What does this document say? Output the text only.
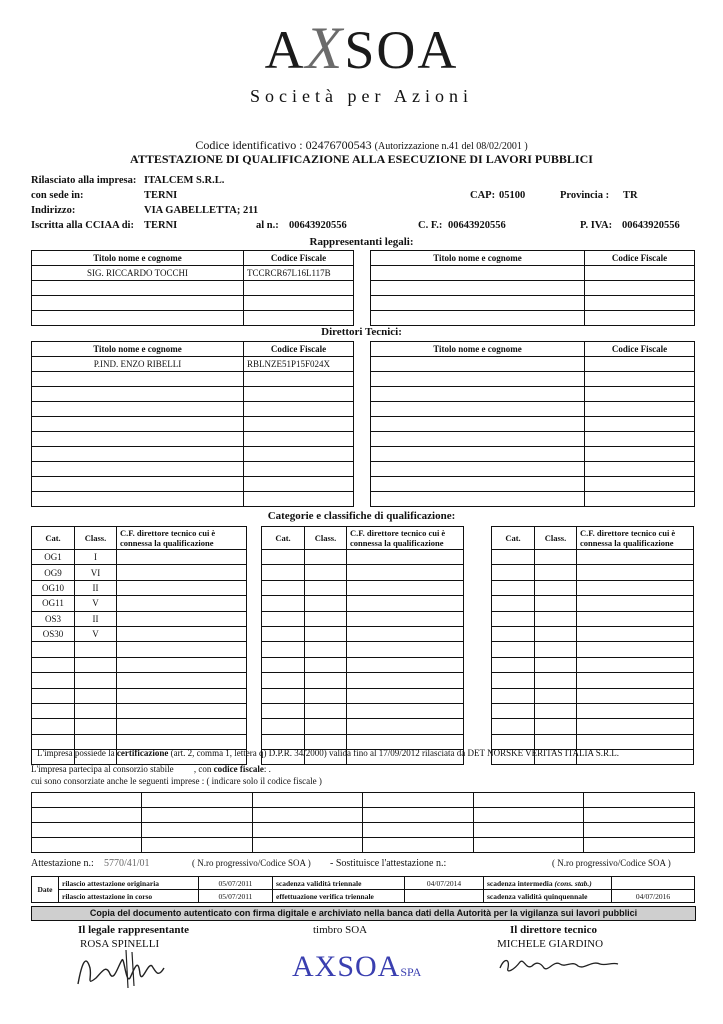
AXSOA
Società per Azioni
Codice identificativo : 02476700543 (Autorizzazione n.41 del 08/02/2001 )
ATTESTAZIONE DI QUALIFICAZIONE ALLA ESECUZIONE DI LAVORI PUBBLICI
Rilasciato alla impresa: ITALCEM S.R.L.
con sede in:	TERNI	CAP: 05100	Provincia : TR
Indirizzo:	VIA GABELLETTA; 211
Iscritta alla CCIAA di: TERNI	al n.: 00643920556	C. F.: 00643920556	P. IVA: 00643920556
Rappresentanti legali:
Titolo nome e cognome	Codice Fiscale
SIG. RICCARDO TOCCHI	TCCRCR67L16L117B

Titolo nome e cognome	Codice Fiscale

Direttori Tecnici:
Titolo nome e cognome	Codice Fiscale
P.IND. ENZO RIBELLI	RBLNZE51P15F024X

Titolo nome e cognome	Codice Fiscale

Categorie e classifiche di qualificazione:
Cat.	Class.	C.F. direttore tecnico cui è connessa la qualificazione
OG1	I	
OG9	VI	
OG10	II	
OG11	V	
OS3	II	
OS30	V	

Cat.	Class.	C.F. direttore tecnico cui è connessa la qualificazione

			Cat.	Class.	C.F. direttore tecnico cui è connessa la qualificazione

L'impresa possiede la certificazione (art. 2, comma 1, lettera q) D.P.R. 34/2000) valida fino al 17/09/2012 rilasciata da DET NORSKE VERITAS ITALIA S.R.L.
L'impresa partecipa al consorzio stabile , con codice fiscale: .
cui sono consorziate anche le seguenti imprese : ( indicare solo il codice fiscale )

Attestazione n.: 5770/41/01	( N.ro progressivo/Codice SOA ) - Sostituisce l'attestazione n.:	( N.ro progressivo/Codice SOA )
Date	rilascio attestazione originaria	05/07/2011	scadenza validità triennale	04/07/2014	scadenza intermedia (cons. stab.)	
	rilascio attestazione in corso	05/07/2011	effettuazione verifica triennale		scadenza validità quinquennale	04/07/2016
Copia del documento autenticato con firma digitale e archiviato nella banca dati della Autorità per la vigilanza sui lavori pubblici
Il legale rappresentante
ROSA SPINELLI
timbro SOA
AXSOASPA
Il direttore tecnico
MICHELE GIARDINO
